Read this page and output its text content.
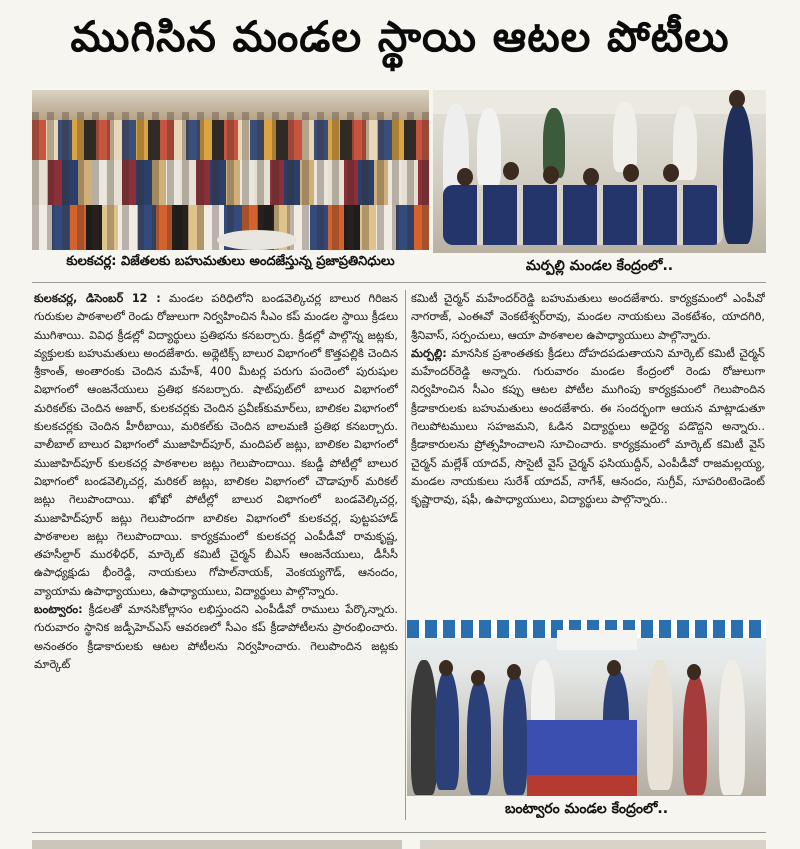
ముగిసిన మండల స్థాయి ఆటల పోటీలు
కులకచర్ల: విజేతలకు బహుమతులు అందజేస్తున్న ప్రజాప్రతినిధులు	మర్పల్లి మండల కేంద్రంలో..

కులకచర్ల, డిసెంబర్ 12 : మండల పరిధిలోని బండవెల్కిచర్ల బాలుర గిరిజన గురుకుల పాఠశాలలో రెండు రోజులుగా నిర్వహించిన సీఎం కప్ మండల స్థాయి క్రీడలు ముగిశాయి. వివిధ క్రీడల్లో విద్యార్థులు ప్రతిభను కనబర్చారు. క్రీడల్లో పాల్గొన్న జట్లకు, వ్యక్తులకు బహుమతులు అందజేశారు. అథ్లెటిక్స్ బాలుర విభాగంలో కొత్తపల్లికి చెందిన శ్రీకాంత్, అంతారంకు చెందిన మహేశ్, 400 మీటర్ల పరుగు పందెంలో పురుషుల విభాగంలో ఆంజనేయులు ప్రతిభ కనబర్చారు. షాట్‌పుట్‌లో బాలుర విభాగంలో మరికల్‌కు చెందిన అజార్, కులకచర్లకు చెందిన ప్రవీణ్‌కుమార్‌లు, బాలికల విభాగంలో కులకచర్లకు చెందిన హీరీబాయి, మరికల్‌కు చెందిన బాలమణి ప్రతిభ కనబర్చారు. వాలీబాల్ బాలుర విభాగంలో ముజాహిద్‌పూర్, మందిపల్ జట్లు, బాలికల విభాగంలో ముజాహిద్‌పూర్ కులకచర్ల పాఠశాలల జట్లు గెలుపొందాయి. కబడ్డీ పోటీల్లో బాలుర విభాగంలో బండవెల్కిచర్ల, మరికల్ జట్లు, బాలికల విభాగంలో చౌడాపూర్ మరికల్ జట్లు గెలుపొందాయి. ఖోఖో పోటీల్లో బాలుర విభాగంలో బండవెల్కిచర్ల, ముజాహిద్‌పూర్ జట్లు గెలుపొందగా బాలికల విభాగంలో కులకచర్ల, పుట్టపహాడ్ పాఠశాలల జట్లు గెలుపొందాయి. కార్యక్రమంలో కులకచర్ల ఎంపీడీవో రామకృష్ణ, తహసీల్దార్ మురళీధర్, మార్కెట్ కమిటీ చైర్మన్ బీఎస్ ఆంజనేయులు, డీసీసీ ఉపాధ్యక్షుడు భీంరెడ్డి, నాయకులు గోపాల్‌నాయక్, వెంకయ్యగౌడ్, ఆనందం, వ్యాయామ ఉపాధ్యాయులు, ఉపాధ్యాయులు, విద్యార్థులు పాల్గొన్నారు.

బంట్వారం: క్రీడలతో మానసికోల్లాసం లభిస్తుందని ఎంపీడీవో రాములు పేర్కొన్నారు. గురువారం స్థానిక జడ్పీహెచ్‌ఎస్ ఆవరణలో సీఎం కప్ క్రీడాపోటీలను ప్రారంభించారు. అనంతరం క్రీడాకారులకు ఆటల పోటీలను నిర్వహించారు. గెలుపొందిన జట్లకు మార్కెట్

కమిటీ చైర్మన్ మహేందర్‌రెడ్డి బహుమతులు అందజేశారు. కార్యక్రమంలో ఎంపీవో నాగరాజ్, ఎంఈవో వెంకటేశ్వర్‌రావు, మండల నాయకులు వెంకటేశం, యాదగిరి, శ్రీనివాస్, సర్పంచులు, ఆయా పాఠశాలల ఉపాధ్యాయులు పాల్గొన్నారు.

మర్పల్లి: మానసిక ప్రశాంతతకు క్రీడలు దోహదపడుతాయని మార్కెట్ కమిటీ చైర్మన్ మహేందర్‌రెడ్డి అన్నారు. గురువారం మండల కేంద్రంలో రెండు రోజులుగా నిర్వహించిన సీఎం కప్పు ఆటల పోటీల ముగింపు కార్యక్రమంలో గెలుపొందిన క్రీడాకారులకు బహుమతులు అందజేశారు. ఈ సందర్భంగా ఆయన మాట్లాడుతూ గెలుపోటములు సహజమని, ఓడిన విద్యార్థులు అధైర్య పడొద్దని అన్నారు.. క్రీడాకారులను ప్రోత్సహించాలని సూచించారు. కార్యక్రమంలో మార్కెట్ కమిటీ వైస్ చైర్మన్ మల్లేశ్ యాదవ్, సొసైటీ వైస్ చైర్మన్ ఫసియుద్దీన్, ఎంపీడీవో రాజమల్లయ్య, మండల నాయకులు సురేశ్ యాదవ్, నాగేశ్, ఆనందం, సుగ్రీవ్, సూపరింటెండెంట్ కృష్ణారావు, షఫీ, ఉపాధ్యాయులు, విద్యార్థులు పాల్గొన్నారు..

బంట్వారం మండల కేంద్రంలో..
